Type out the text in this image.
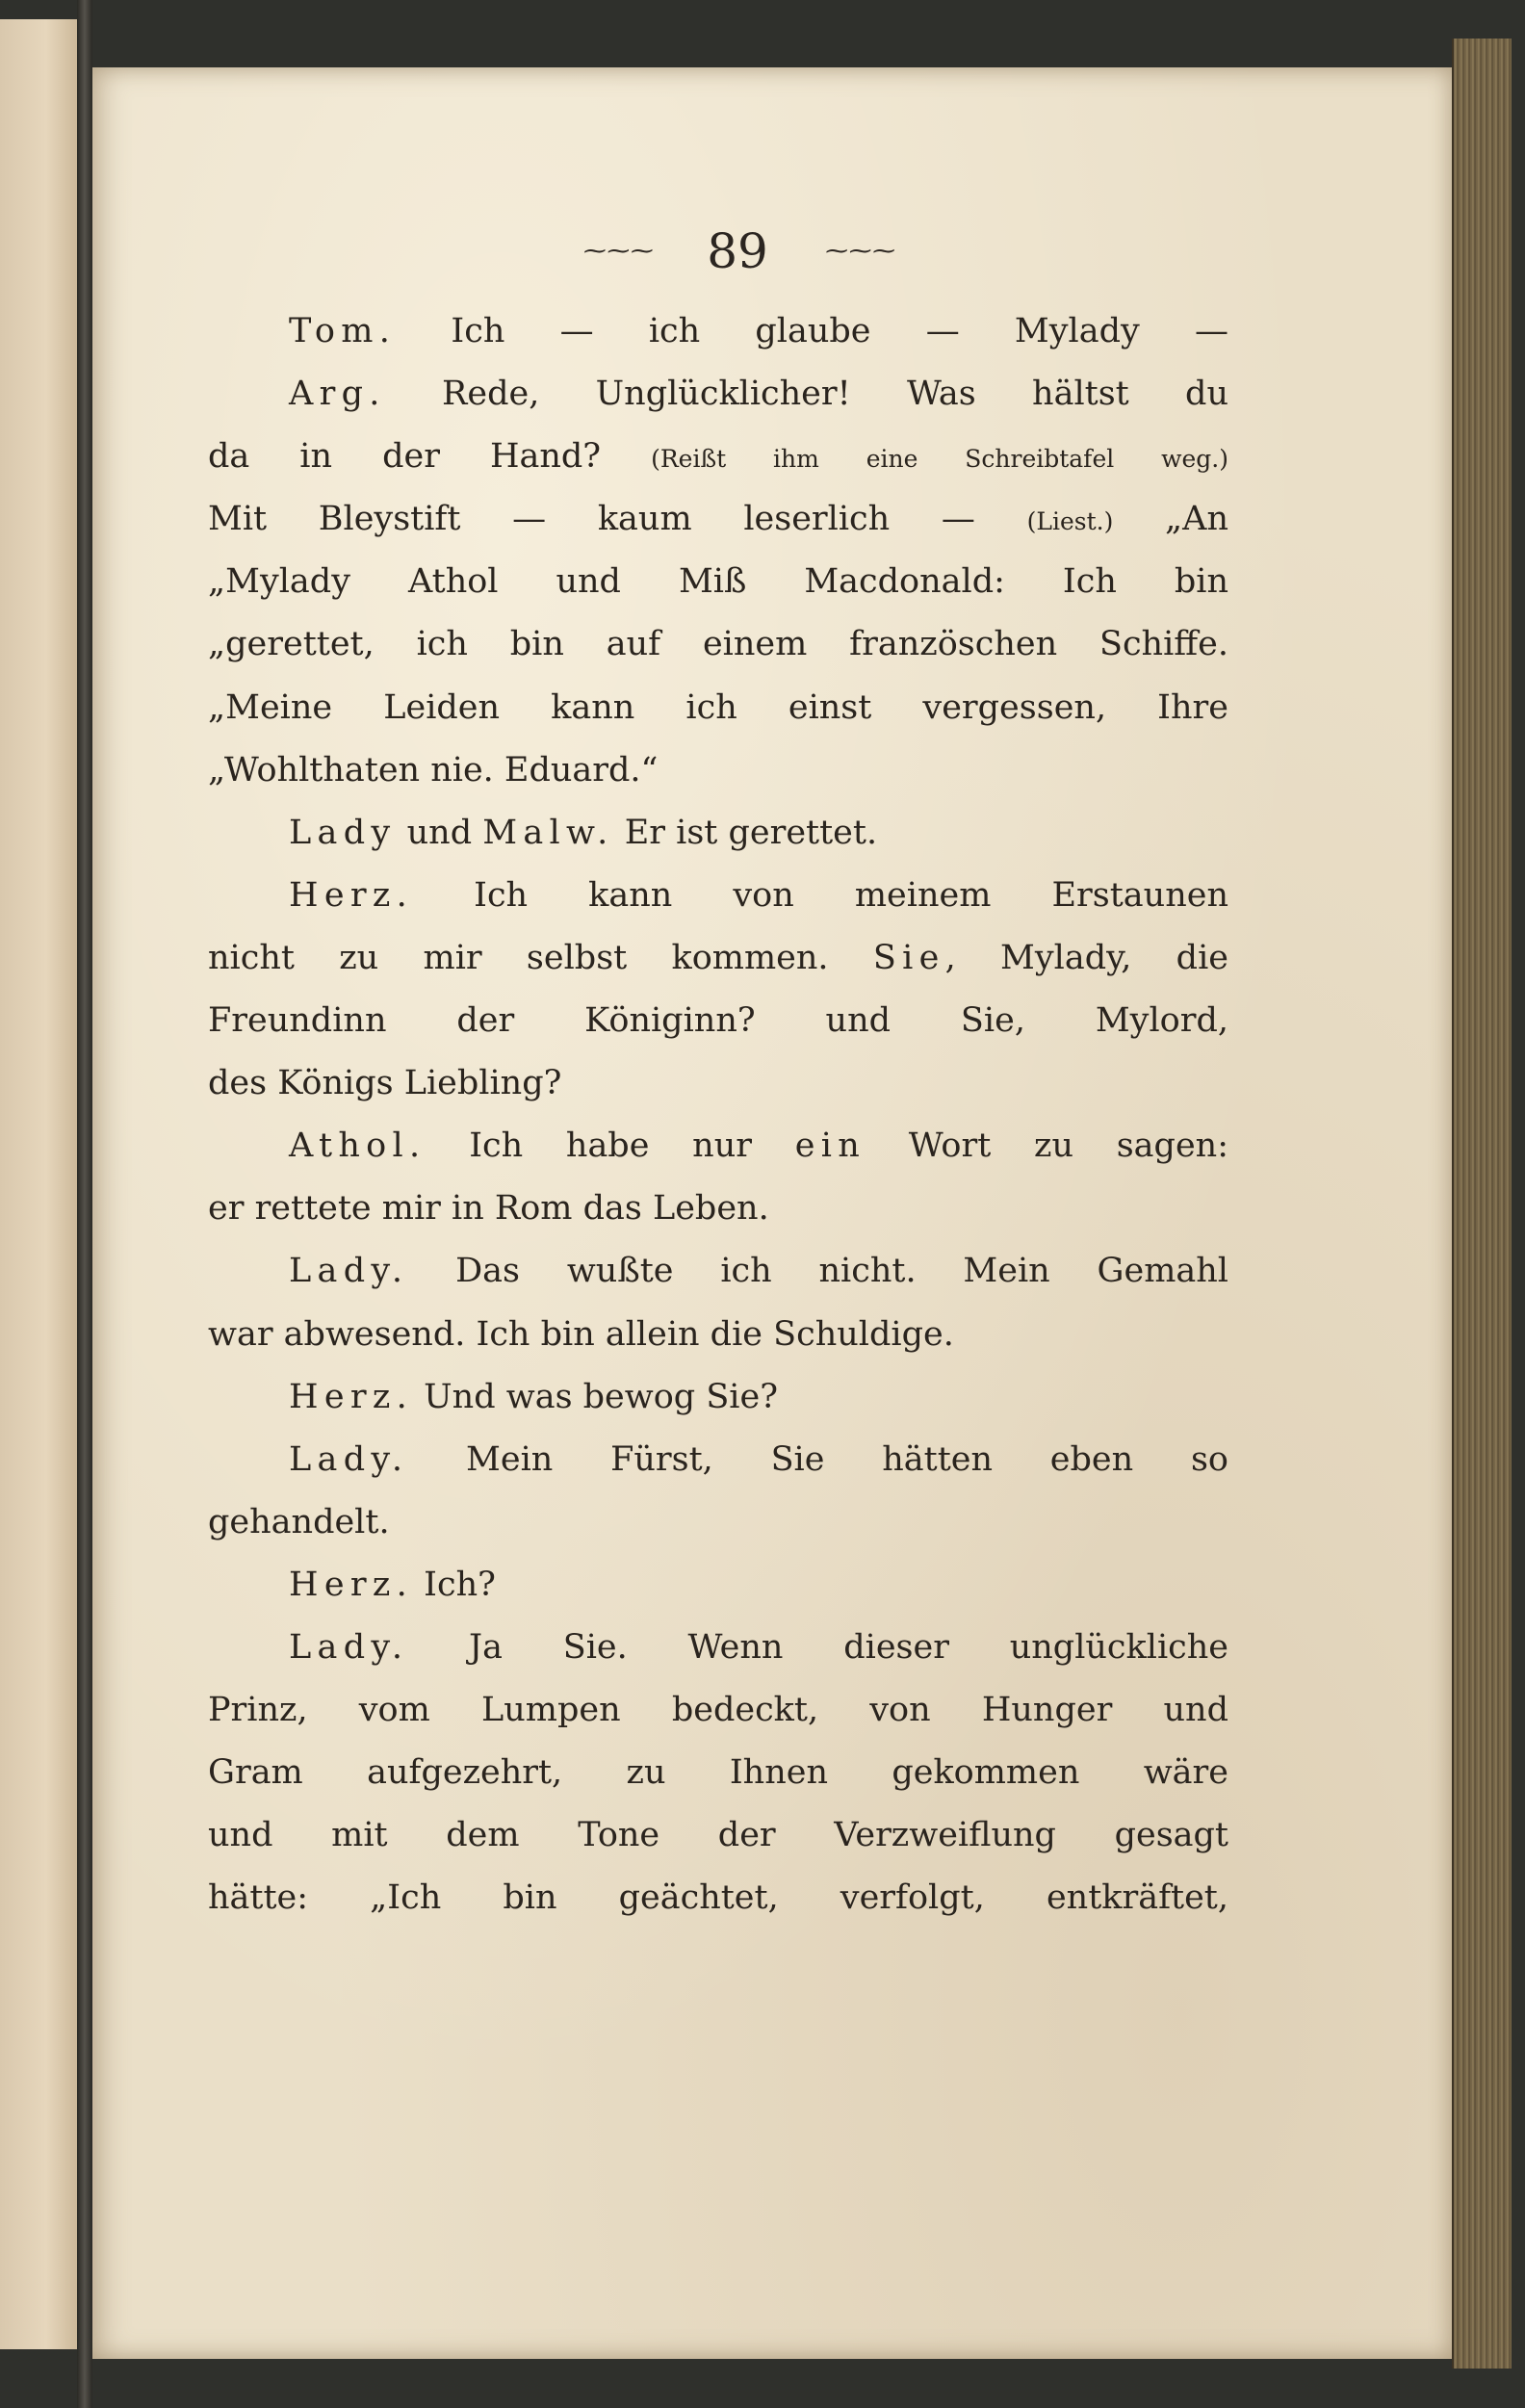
~~~ 89 ~~~
Tom. Ich — ich glaube — Mylady —
Arg. Rede, Unglücklicher! Was hältst du
da in der Hand? (Reißt ihm eine Schreibtafel weg.)
Mit Bleystift — kaum leserlich — (Liest.) „An
„Mylady Athol und Miß Macdonald: Ich bin
„gerettet, ich bin auf einem französchen Schiffe.
„Meine Leiden kann ich einst vergessen, Ihre
„Wohlthaten nie. Eduard.“
Lady und Malw. Er ist gerettet.
Herz. Ich kann von meinem Erstaunen
nicht zu mir selbst kommen. Sie, Mylady, die
Freundinn der Königinn? und Sie, Mylord,
des Königs Liebling?
Athol. Ich habe nur ein Wort zu sagen:
er rettete mir in Rom das Leben.
Lady. Das wußte ich nicht. Mein Gemahl
war abwesend. Ich bin allein die Schuldige.
Herz. Und was bewog Sie?
Lady. Mein Fürst, Sie hätten eben so
gehandelt.
Herz. Ich?
Lady. Ja Sie. Wenn dieser unglückliche
Prinz, vom Lumpen bedeckt, von Hunger und
Gram aufgezehrt, zu Ihnen gekommen wäre
und mit dem Tone der Verzweiflung gesagt
hätte: „Ich bin geächtet, verfolgt, entkräftet,
